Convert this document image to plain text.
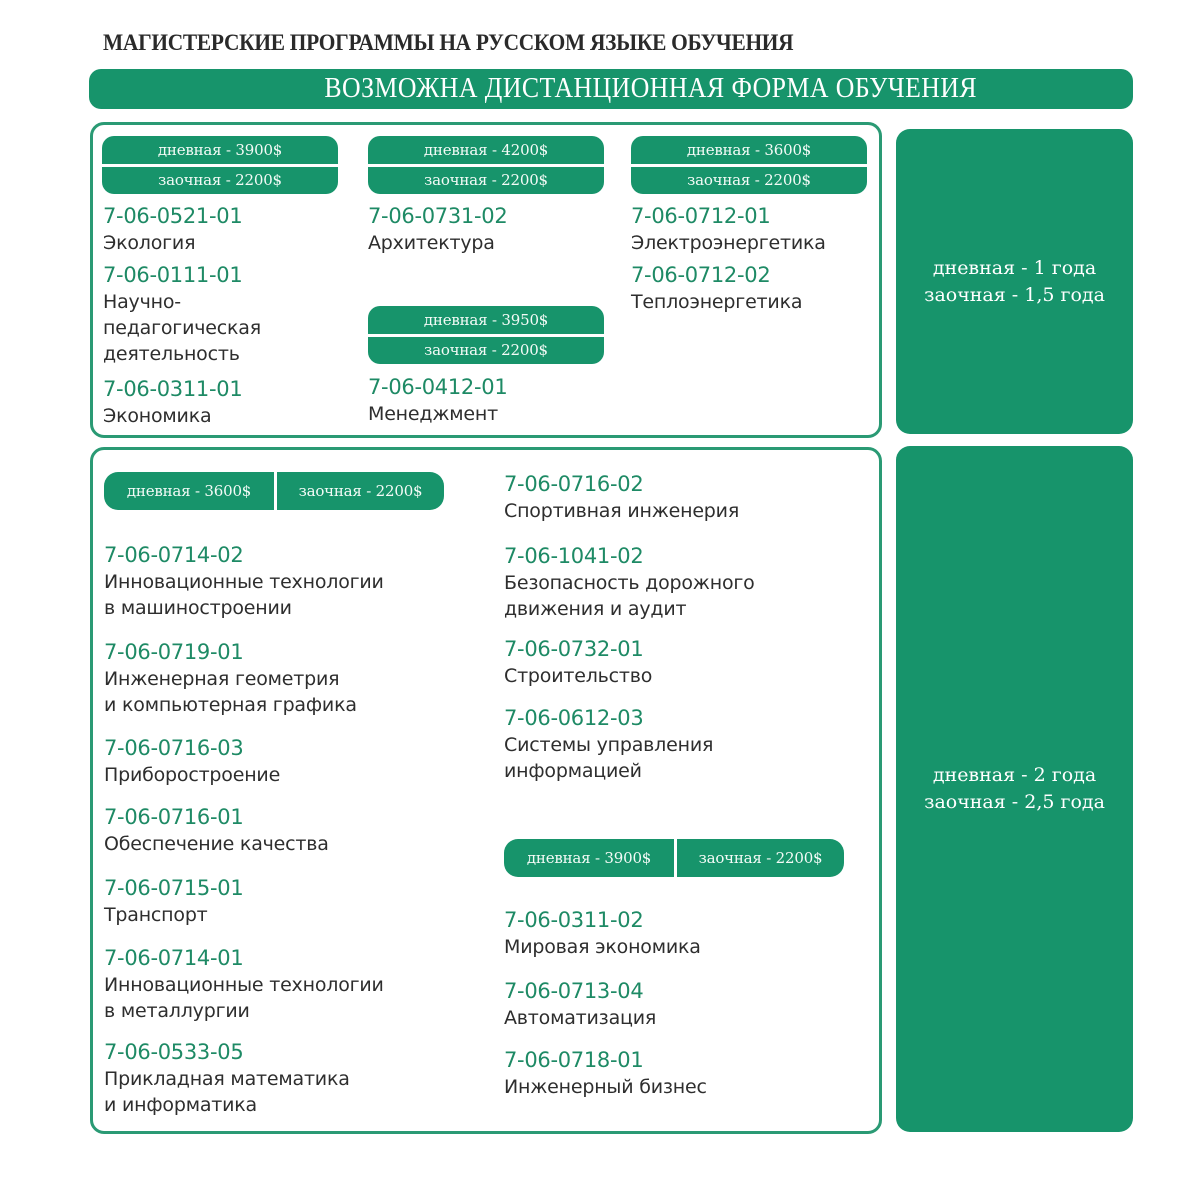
МАГИСТЕРСКИЕ ПРОГРАММЫ НА РУССКОМ ЯЗЫКЕ ОБУЧЕНИЯ
ВОЗМОЖНА ДИСТАНЦИОННАЯ ФОРМА ОБУЧЕНИЯ
дневная - 3900$
заочная - 2200$
дневная - 4200$
заочная - 2200$
дневная - 3600$
заочная - 2200$
дневная - 3950$
заочная - 2200$
7-06-0521-01
Экология
7-06-0111-01
Научно-
педагогическая
деятельность
7-06-0311-01
Экономика
7-06-0731-02
Архитектура
7-06-0412-01
Менеджмент
7-06-0712-01
Электроэнергетика
7-06-0712-02
Теплоэнергетика
дневная - 1 года
заочная - 1,5 года
дневная - 3600$	заочная - 2200$
дневная - 3900$	заочная - 2200$
7-06-0714-02
Инновационные технологии
в машиностроении
7-06-0719-01
Инженерная геометрия
и компьютерная графика
7-06-0716-03
Приборостроение
7-06-0716-01
Обеспечение качества
7-06-0715-01
Транспорт
7-06-0714-01
Инновационные технологии
в металлургии
7-06-0533-05
Прикладная математика
и информатика
7-06-0716-02
Спортивная инженерия
7-06-1041-02
Безопасность дорожного
движения и аудит
7-06-0732-01
Строительство
7-06-0612-03
Системы управления
информацией
7-06-0311-02
Мировая экономика
7-06-0713-04
Автоматизация
7-06-0718-01
Инженерный бизнес
дневная - 2 года
заочная - 2,5 года
